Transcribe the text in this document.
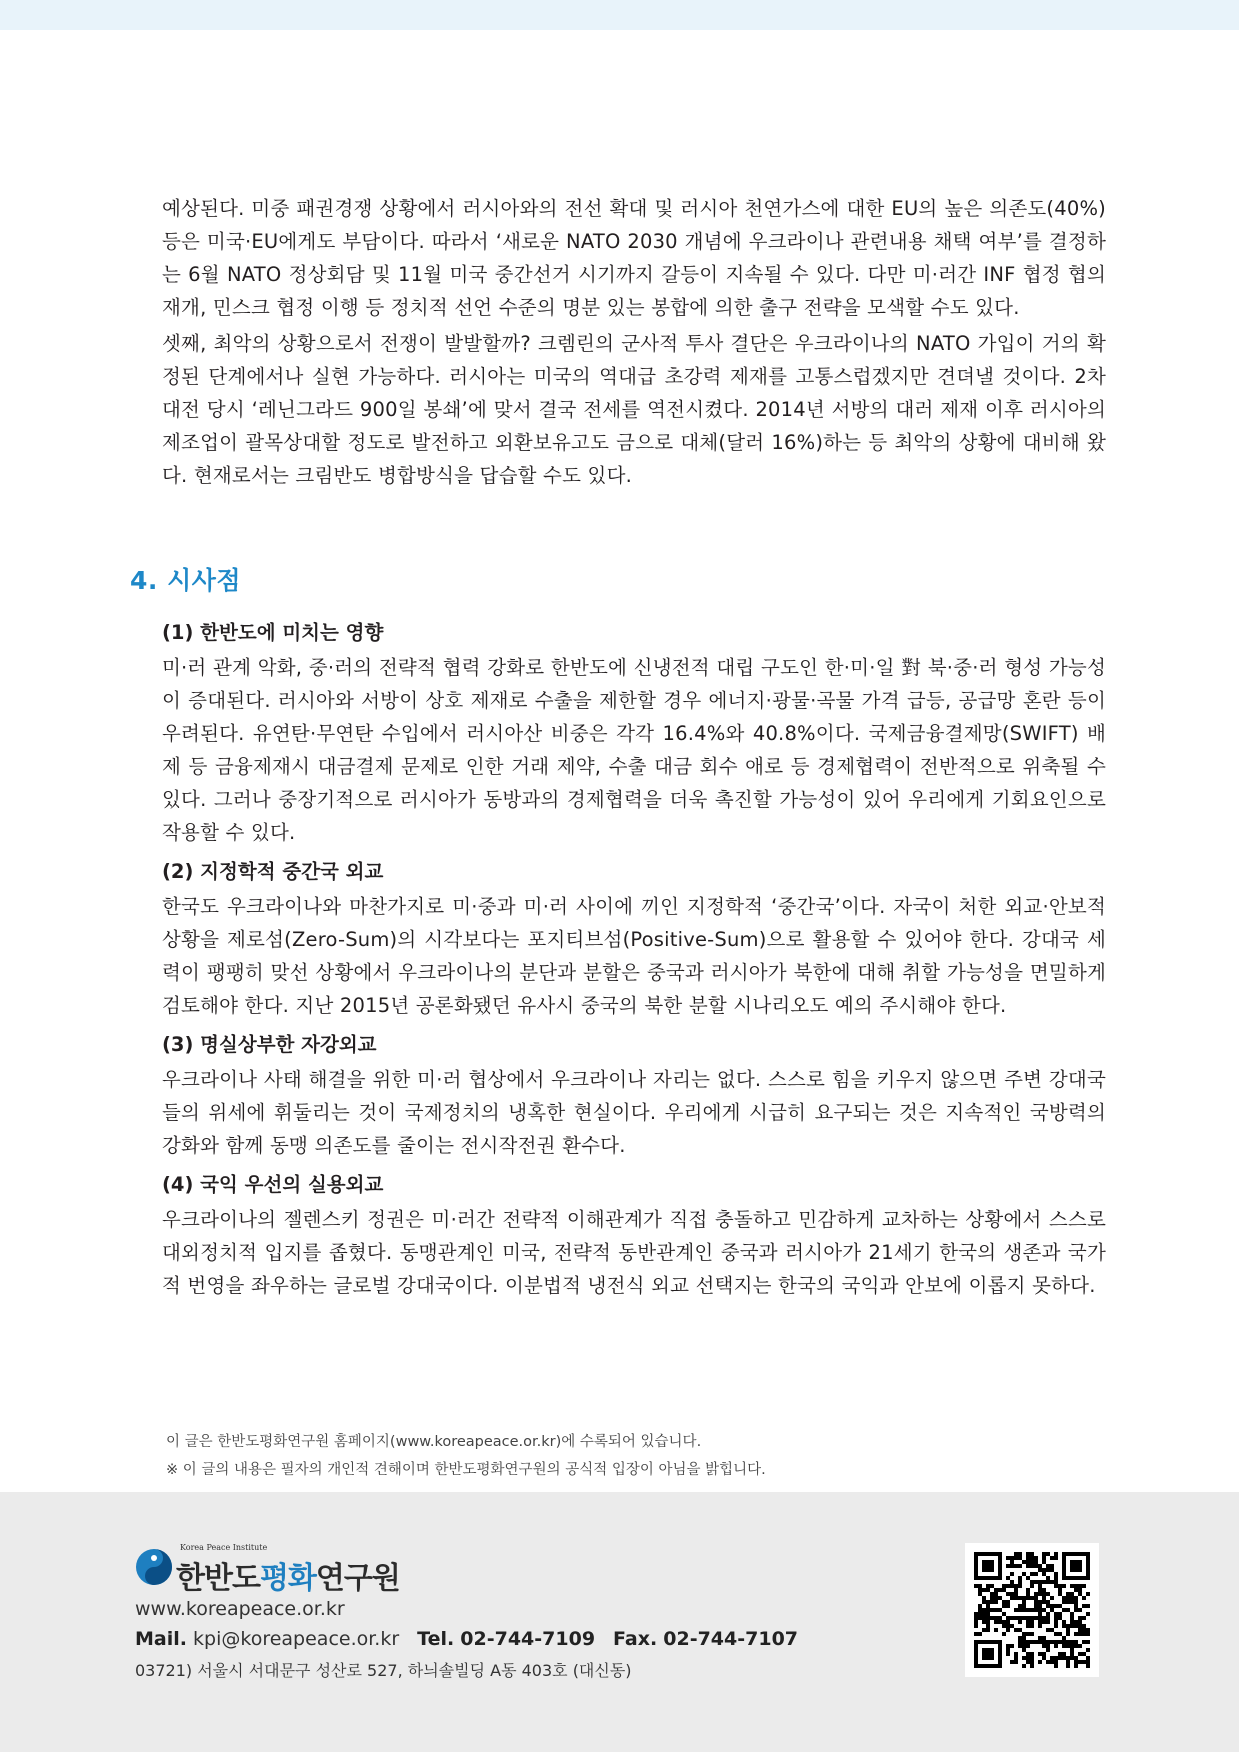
예상된다. 미중 패권경쟁 상황에서 러시아와의 전선 확대 및 러시아 천연가스에 대한 EU의 높은 의존도(40%) 등은 미국·EU에게도 부담이다. 따라서 ‘새로운 NATO 2030 개념에 우크라이나 관련내용 채택 여부’를 결정하는 6월 NATO 정상회담 및 11월 미국 중간선거 시기까지 갈등이 지속될 수 있다. 다만 미·러간 INF 협정 협의 재개, 민스크 협정 이행 등 정치적 선언 수준의 명분 있는 봉합에 의한 출구 전략을 모색할 수도 있다.

셋째, 최악의 상황으로서 전쟁이 발발할까? 크렘린의 군사적 투사 결단은 우크라이나의 NATO 가입이 거의 확정된 단계에서나 실현 가능하다. 러시아는 미국의 역대급 초강력 제재를 고통스럽겠지만 견뎌낼 것이다. 2차 대전 당시 ‘레닌그라드 900일 봉쇄’에 맞서 결국 전세를 역전시켰다. 2014년 서방의 대러 제재 이후 러시아의 제조업이 괄목상대할 정도로 발전하고 외환보유고도 금으로 대체(달러 16%)하는 등 최악의 상황에 대비해 왔다. 현재로서는 크림반도 병합방식을 답습할 수도 있다.

4. 시사점
(1) 한반도에 미치는 영향

미·러 관계 악화, 중·러의 전략적 협력 강화로 한반도에 신냉전적 대립 구도인 한·미·일 對 북·중·러 형성 가능성이 증대된다. 러시아와 서방이 상호 제재로 수출을 제한할 경우 에너지·광물·곡물 가격 급등, 공급망 혼란 등이 우려된다. 유연탄·무연탄 수입에서 러시아산 비중은 각각 16.4%와 40.8%이다. 국제금융결제망(SWIFT) 배제 등 금융제재시 대금결제 문제로 인한 거래 제약, 수출 대금 회수 애로 등 경제협력이 전반적으로 위축될 수 있다. 그러나 중장기적으로 러시아가 동방과의 경제협력을 더욱 촉진할 가능성이 있어 우리에게 기회요인으로 작용할 수 있다.

(2) 지정학적 중간국 외교

한국도 우크라이나와 마찬가지로 미·중과 미·러 사이에 끼인 지정학적 ‘중간국’이다. 자국이 처한 외교·안보적 상황을 제로섬(Zero-Sum)의 시각보다는 포지티브섬(Positive-Sum)으로 활용할 수 있어야 한다. 강대국 세력이 팽팽히 맞선 상황에서 우크라이나의 분단과 분할은 중국과 러시아가 북한에 대해 취할 가능성을 면밀하게 검토해야 한다. 지난 2015년 공론화됐던 유사시 중국의 북한 분할 시나리오도 예의 주시해야 한다.

(3) 명실상부한 자강외교

우크라이나 사태 해결을 위한 미·러 협상에서 우크라이나 자리는 없다. 스스로 힘을 키우지 않으면 주변 강대국들의 위세에 휘둘리는 것이 국제정치의 냉혹한 현실이다. 우리에게 시급히 요구되는 것은 지속적인 국방력의 강화와 함께 동맹 의존도를 줄이는 전시작전권 환수다.

(4) 국익 우선의 실용외교

우크라이나의 젤렌스키 정권은 미·러간 전략적 이해관계가 직접 충돌하고 민감하게 교차하는 상황에서 스스로 대외정치적 입지를 좁혔다. 동맹관계인 미국, 전략적 동반관계인 중국과 러시아가 21세기 한국의 생존과 국가적 번영을 좌우하는 글로벌 강대국이다. 이분법적 냉전식 외교 선택지는 한국의 국익과 안보에 이롭지 못하다.

이 글은 한반도평화연구원 홈페이지(www.koreapeace.or.kr)에 수록되어 있습니다.

※ 이 글의 내용은 필자의 개인적 견해이며 한반도평화연구원의 공식적 입장이 아님을 밝힙니다.

Korea Peace Institute
한반도평화연구원
www.koreapeace.or.kr
Mail. kpi@koreapeace.or.kr Tel. 02-744-7109 Fax. 02-744-7107
03721) 서울시 서대문구 성산로 527, 하늬솔빌딩 A동 403호 (대신동)
